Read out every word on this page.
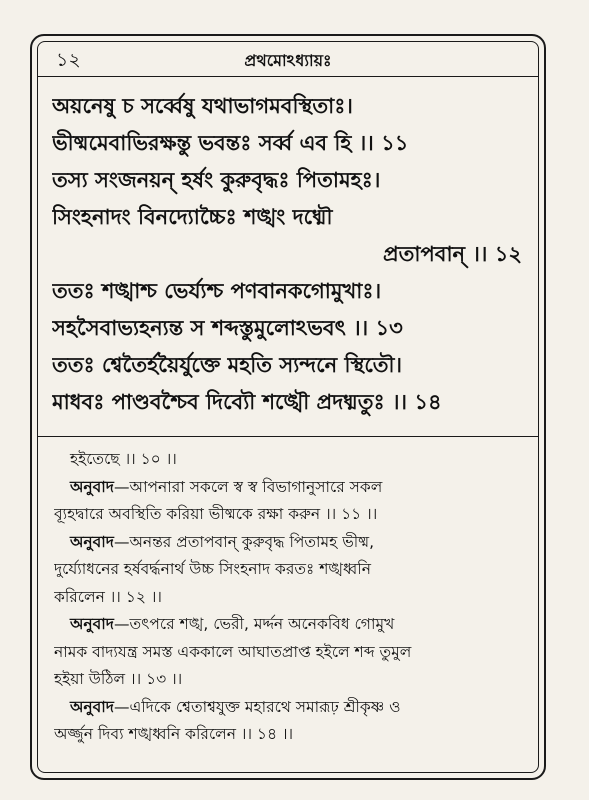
১২	প্রথমোঽধ্যায়ঃ
অয়নেষু চ সর্ব্বেষু যথাভাগমবস্থিতাঃ।
ভীষ্মমেবাভিরক্ষন্তু ভবন্তঃ সর্ব্ব এব হি ।। ১১
তস্য সংজনয়ন্ হর্ষং কুরুবৃদ্ধঃ পিতামহঃ।
সিংহনাদং বিনদ্যোচ্চৈঃ শঙ্খং দধ্মৌ
প্রতাপবান্ ।। ১২
ততঃ শঙ্খাশ্চ ভের্য্যশ্চ পণবানকগোমুখাঃ।
সহসৈবাভ্যহন্যন্ত স শব্দস্তুমুলোঽভবৎ ।। ১৩
ততঃ শ্বেতৈর্হয়ৈর্যুক্তে মহতি স্যন্দনে স্থিতৌ।
মাধবঃ পাণ্ডবশ্চৈব দিব্যৌ শঙ্খৌ প্রদধ্মতুঃ ।। ১৪
হইতেছে ।। ১০ ।।
অনুবাদ—আপনারা সকলে স্ব স্ব বিভাগানুসারে সকল
ব্যূহদ্বারে অবস্থিতি করিয়া ভীষ্মকে রক্ষা করুন ।। ১১ ।।
অনুবাদ—অনন্তর প্রতাপবান্ কুরুবৃদ্ধ পিতামহ ভীষ্ম,
দুর্য্যোধনের হর্ষবর্দ্ধনার্থ উচ্চ সিংহনাদ করতঃ শঙ্খধ্বনি
করিলেন ।। ১২ ।।
অনুবাদ—তৎপরে শঙ্খ, ভেরী, মর্দ্দন অনেকবিধ গোমুখ
নামক বাদ্যযন্ত্র সমস্ত এককালে আঘাতপ্রাপ্ত হইলে শব্দ তুমুল
হইয়া উঠিল ।। ১৩ ।।
অনুবাদ—এদিকে শ্বেতাশ্বযুক্ত মহারথে সমারূঢ় শ্রীকৃষ্ণ ও
অর্জ্জুন দিব্য শঙ্খধ্বনি করিলেন ।। ১৪ ।।
